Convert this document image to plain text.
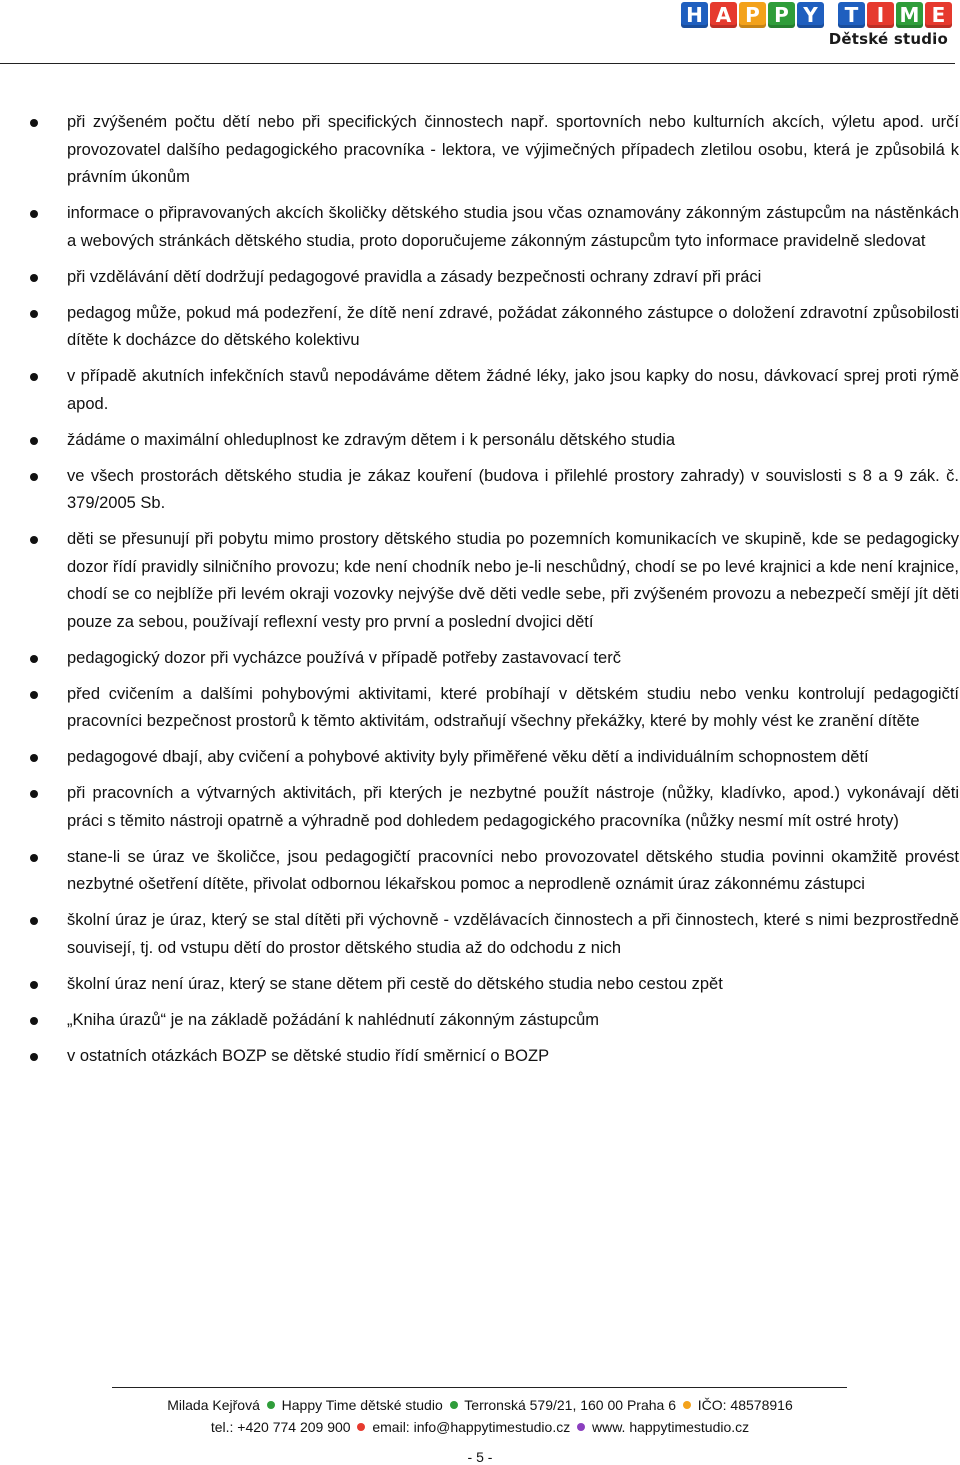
H A P P Y	T I M E
Dětské studio
při zvýšeném počtu dětí nebo při specifických činnostech např. sportovních nebo kulturních akcích, výletu apod. určí provozovatel dalšího pedagogického pracovníka - lektora, ve výjimečných případech zletilou osobu, která je způsobilá k právním úkonům
informace o připravovaných akcích školičky dětského studia jsou včas oznamovány zákonným zástupcům na nástěnkách a webových stránkách dětského studia, proto doporučujeme zákonným zástupcům tyto informace pravidelně sledovat
při vzdělávání dětí dodržují pedagogové pravidla a zásady bezpečnosti ochrany zdraví při práci
pedagog může, pokud má podezření, že dítě není zdravé, požádat zákonného zástupce o doložení zdravotní způsobilosti dítěte k docházce do dětského kolektivu
v případě akutních infekčních stavů nepodáváme dětem žádné léky, jako jsou kapky do nosu, dávkovací sprej proti rýmě apod.
žádáme o maximální ohleduplnost ke zdravým dětem i k personálu dětského studia
ve všech prostorách dětského studia je zákaz kouření (budova i přilehlé prostory zahrady) v souvislosti s 8 a 9 zák. č. 379/2005 Sb.
děti se přesunují při pobytu mimo prostory dětského studia po pozemních komunikacích ve skupině, kde se pedagogicky dozor řídí pravidly silničního provozu; kde není chodník nebo je-li neschůdný, chodí se po levé krajnici a kde není krajnice, chodí se co nejblíže při levém okraji vozovky nejvýše dvě děti vedle sebe, při zvýšeném provozu a nebezpečí smějí jít děti pouze za sebou, používají reflexní vesty pro první a poslední dvojici dětí
pedagogický dozor při vycházce používá v případě potřeby zastavovací terč
před cvičením a dalšími pohybovými aktivitami, které probíhají v dětském studiu nebo venku kontrolují pedagogičtí pracovníci bezpečnost prostorů k těmto aktivitám, odstraňují všechny překážky, které by mohly vést ke zranění dítěte
pedagogové dbají, aby cvičení a pohybové aktivity byly přiměřené věku dětí a individuálním schopnostem dětí
při pracovních a výtvarných aktivitách, při kterých je nezbytné použít nástroje (nůžky, kladívko, apod.) vykonávají děti práci s těmito nástroji opatrně a výhradně pod dohledem pedagogického pracovníka (nůžky nesmí mít ostré hroty)
stane-li se úraz ve školičce, jsou pedagogičtí pracovníci nebo provozovatel dětského studia povinni okamžitě provést nezbytné ošetření dítěte, přivolat odbornou lékařskou pomoc a neprodleně oznámit úraz zákonnému zástupci
školní úraz je úraz, který se stal dítěti při výchovně - vzdělávacích činnostech a při činnostech, které s nimi bezprostředně souvisejí, tj. od vstupu dětí do prostor dětského studia až do odchodu z nich
školní úraz není úraz, který se stane dětem při cestě do dětského studia nebo cestou zpět
„Kniha úrazů“ je na základě požádání k nahlédnutí zákonným zástupcům
v ostatních otázkách BOZP se dětské studio řídí směrnicí o BOZP
Milada Kejřová Happy Time dětské studio Terronská 579/21, 160 00 Praha 6 IČO: 48578916
tel.: +420 774 209 900 email: info@happytimestudio.cz www. happytimestudio.cz
- 5 -
